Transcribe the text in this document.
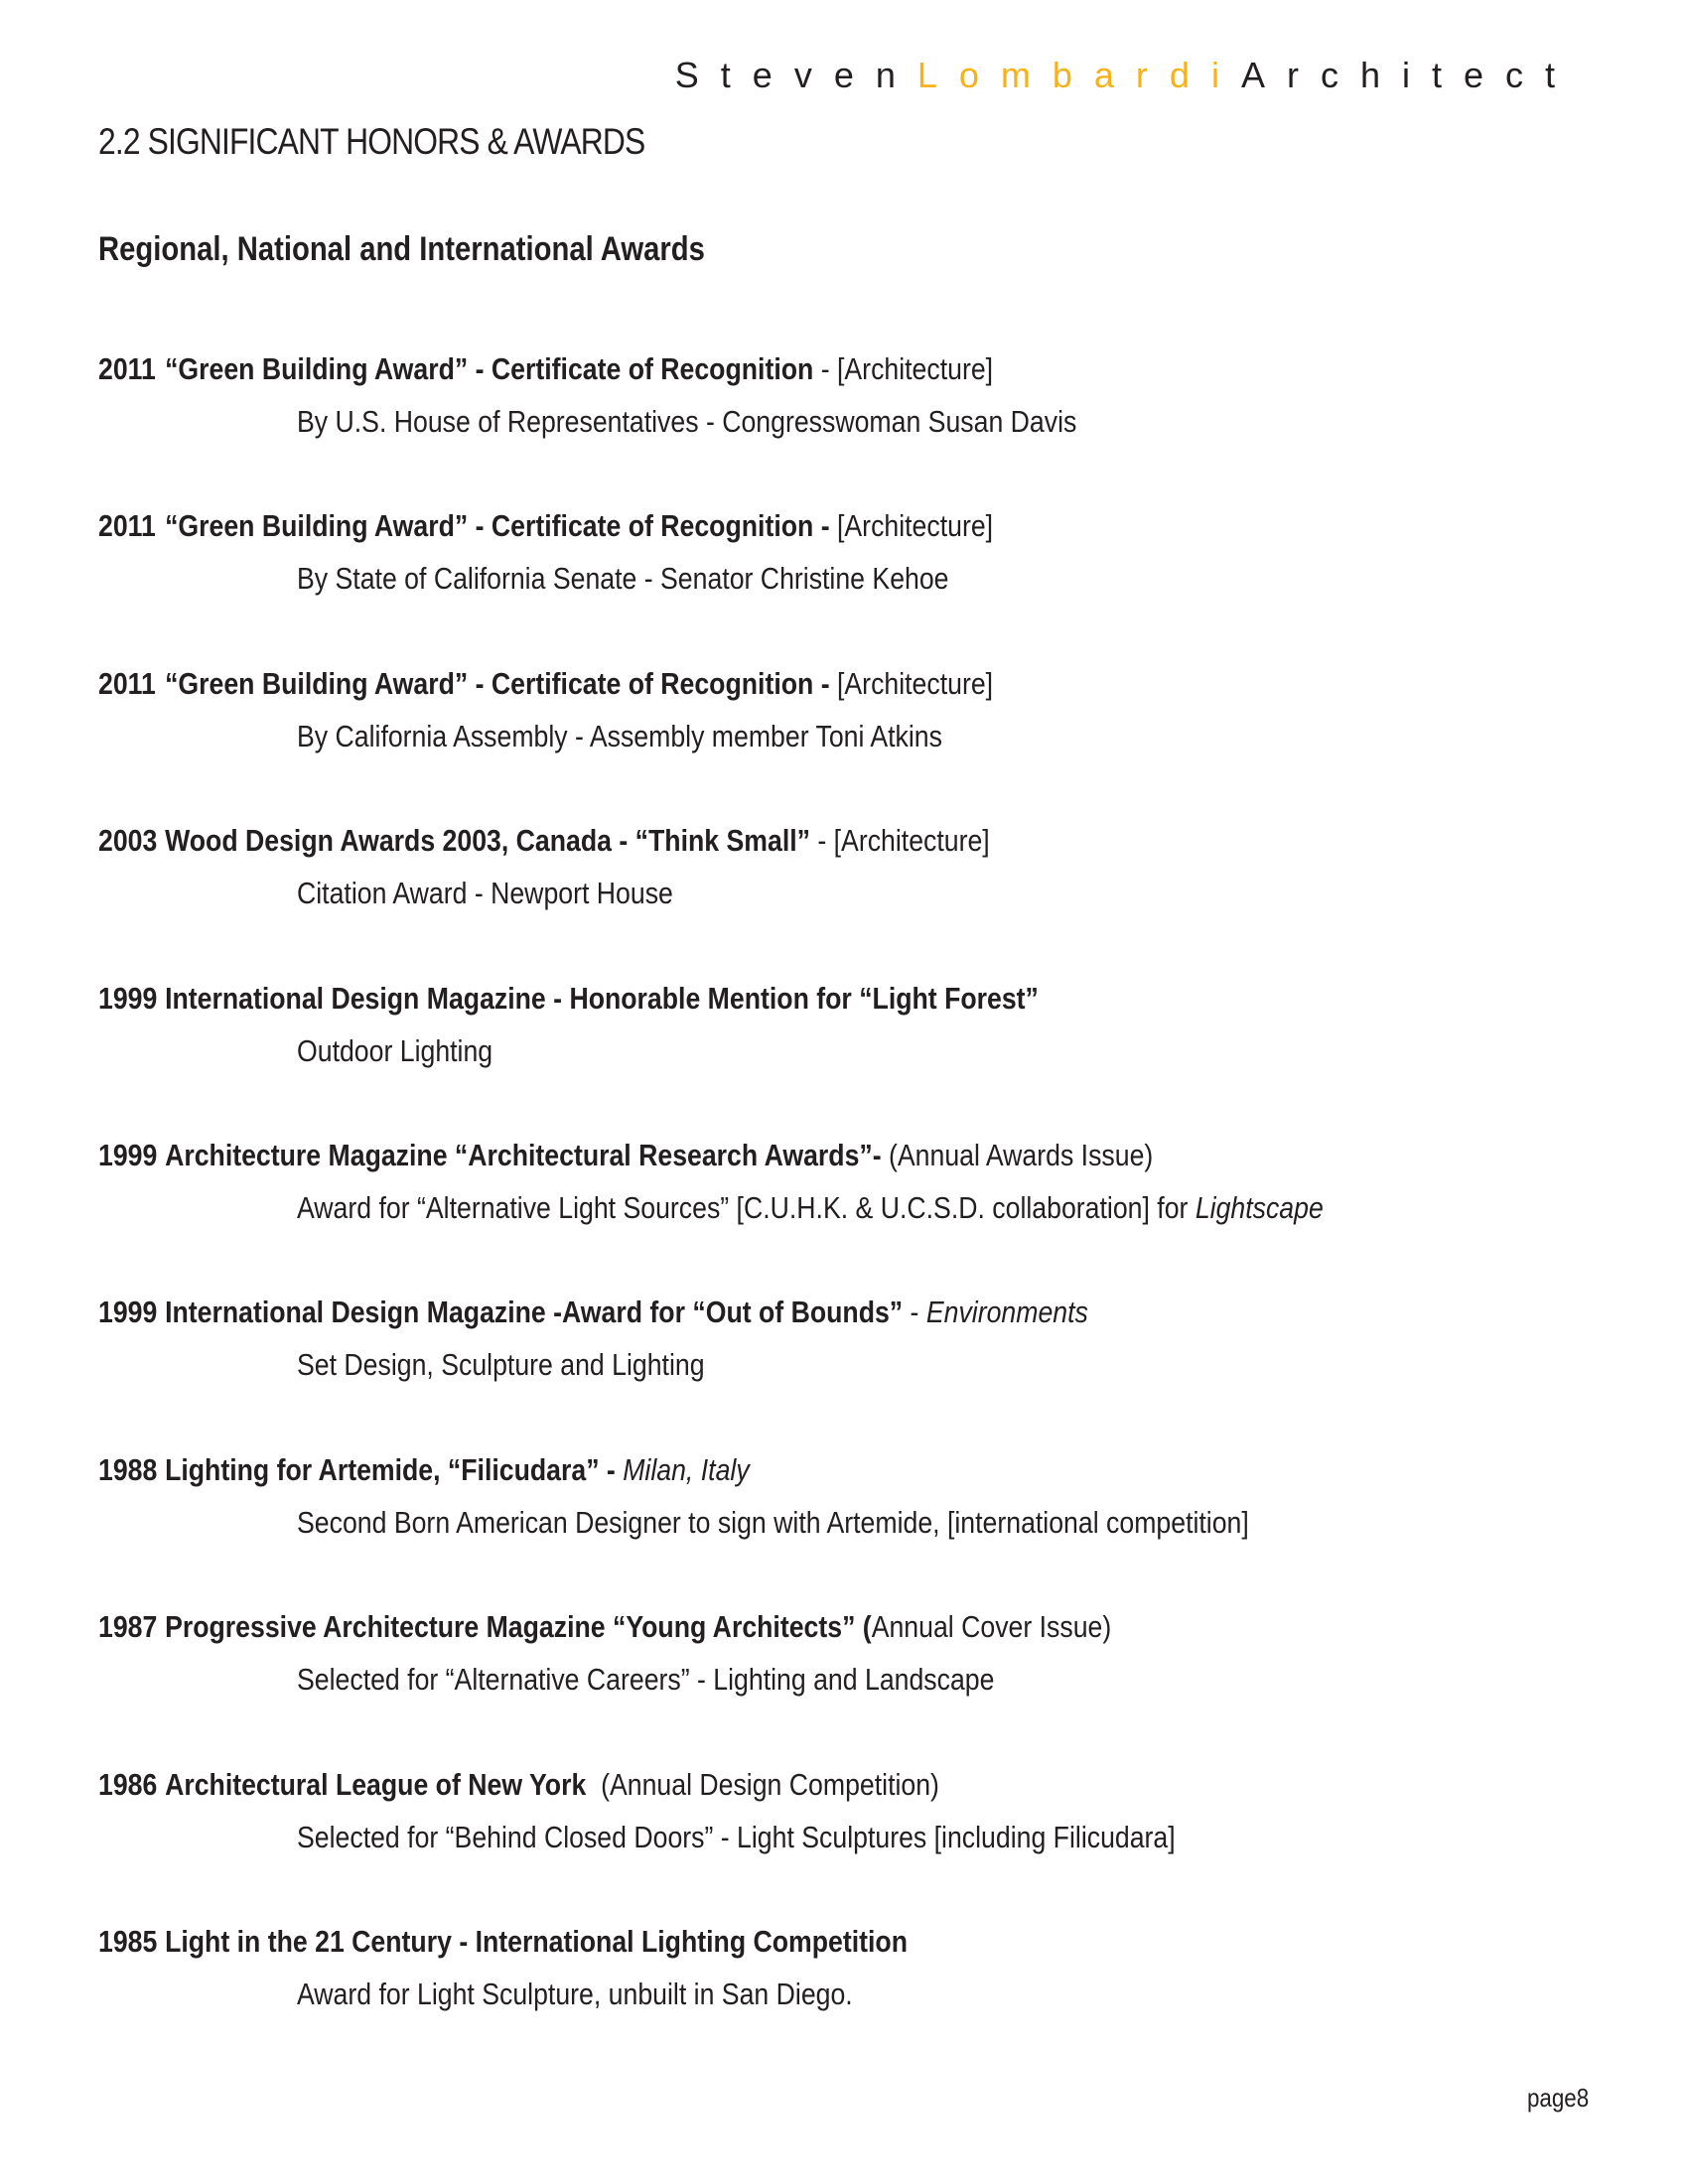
StevenLombardiArchitect
2.2 SIGNIFICANT HONORS & AWARDS
Regional, National and International Awards
2011 “Green Building Award” - Certificate of Recognition - [Architecture]
By U.S. House of Representatives - Congresswoman Susan Davis
2011 “Green Building Award” - Certificate of Recognition - [Architecture]
By State of California Senate - Senator Christine Kehoe
2011 “Green Building Award” - Certificate of Recognition - [Architecture]
By California Assembly - Assembly member Toni Atkins
2003 Wood Design Awards 2003, Canada - “Think Small” - [Architecture]
Citation Award - Newport House
1999 International Design Magazine - Honorable Mention for “Light Forest”
Outdoor Lighting
1999 Architecture Magazine “Architectural Research Awards”- (Annual Awards Issue)
Award for “Alternative Light Sources” [C.U.H.K. & U.C.S.D. collaboration] for Lightscape
1999 International Design Magazine -Award for “Out of Bounds” - Environments
Set Design, Sculpture and Lighting
1988 Lighting for Artemide, “Filicudara” - Milan, Italy
Second Born American Designer to sign with Artemide, [international competition]
1987 Progressive Architecture Magazine “Young Architects” (Annual Cover Issue)
Selected for “Alternative Careers” - Lighting and Landscape
1986 Architectural League of New York  (Annual Design Competition)
Selected for “Behind Closed Doors” - Light Sculptures [including Filicudara]
1985 Light in the 21 Century - International Lighting Competition
Award for Light Sculpture, unbuilt in San Diego.
page8
